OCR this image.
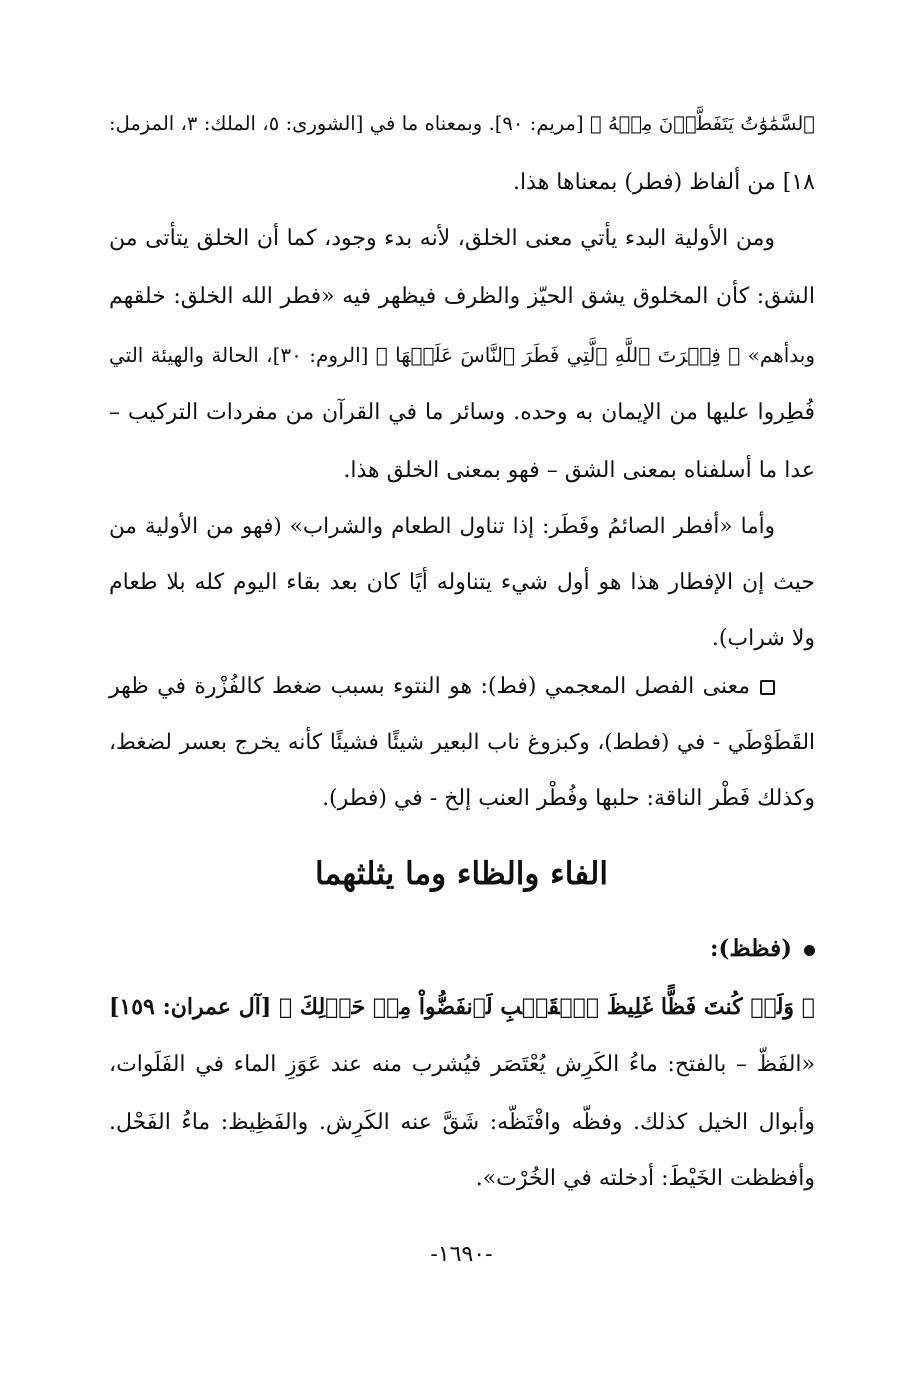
ٱلسَّمَٰوَٰتُ يَتَفَطَّرۡنَ مِنۡهُ ﴾ [مريم: ٩٠]. وبمعناه ما في [الشورى: ٥، الملك: ٣، المزمل:
١٨] من ألفاظ (فطر) بمعناها هذا.
ومن الأولية البدء يأتي معنى الخلق، لأنه بدء وجود، كما أن الخلق يتأتى من
الشق: كأن المخلوق يشق الحيّز والظرف فيظهر فيه «فطر الله الخلق: خلقهم
وبدأهم» ﴿ فِطۡرَتَ ٱللَّهِ ٱلَّتِي فَطَرَ ٱلنَّاسَ عَلَيۡهَا ﴾ [الروم: ٣٠]، الحالة والهيئة التي
فُطِروا عليها من الإيمان به وحده. وسائر ما في القرآن من مفردات التركيب –
عدا ما أسلفناه بمعنى الشق – فهو بمعنى الخلق هذا.
وأما «أفطر الصائمُ وفَطَر: إذا تناول الطعام والشراب» (فهو من الأولية من
حيث إن الإفطار هذا هو أول شيء يتناوله أيًا كان بعد بقاء اليوم كله بلا طعام
ولا شراب).
معنى الفصل المعجمي (فط): هو النتوء بسبب ضغط كالفُزْرة في ظهر
القَطَوْطَي - في (فطط)، وكبزوغ ناب البعير شيئًا فشيئًا كأنه يخرج بعسر لضغط،
وكذلك فَطْر الناقة: حلبها وفُطْر العنب إلخ - في (فطر).
الفاء والظاء وما يثلثهما
(فظظ):
﴿ وَلَوۡ كُنتَ فَظًّا غَلِيظَ ٱلۡقَلۡبِ لَٱنفَضُّواْ مِنۡ حَوۡلِكَ ﴾ [آل عمران: ١٥٩]
«الفَظّ – بالفتح: ماءُ الكَرِش يُعْتَصَر فيُشرب منه عند عَوَزِ الماء في الفَلَوات،
وأبوال الخيل كذلك. وفظّه وافْتَظّه: شَقَّ عنه الكَرِش. والفَظِيظ: ماءُ الفَحْل.
وأفظظت الخَيْطَ: أدخلته في الخُرْت».
-١٦٩٠-
